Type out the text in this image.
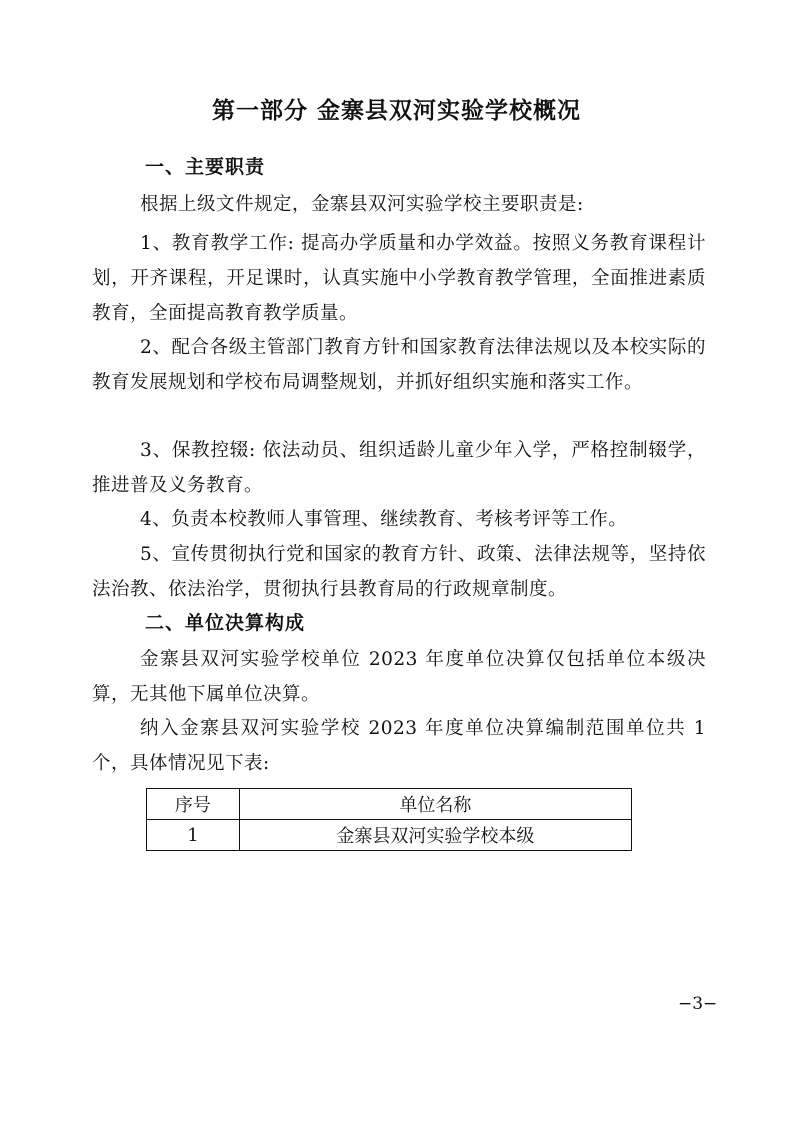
第一部分 金寨县双河实验学校概况
一、主要职责
根据上级文件规定，金寨县双河实验学校主要职责是:
1、教育教学工作: 提高办学质量和办学效益。按照义务教育课程计划，开齐课程，开足课时，认真实施中小学教育教学管理，全面推进素质教育，全面提高教育教学质量。
2、配合各级主管部门教育方针和国家教育法律法规以及本校实际的教育发展规划和学校布局调整规划，并抓好组织实施和落实工作。
3、保教控辍: 依法动员、组织适龄儿童少年入学，严格控制辍学，推进普及义务教育。
4、负责本校教师人事管理、继续教育、考核考评等工作。
5、宣传贯彻执行党和国家的教育方针、政策、法律法规等，坚持依法治教、依法治学，贯彻执行县教育局的行政规章制度。
二、单位决算构成
金寨县双河实验学校单位 2023 年度单位决算仅包括单位本级决算，无其他下属单位决算。
纳入金寨县双河实验学校 2023 年度单位决算编制范围单位共 1 个，具体情况见下表:
序号	单位名称
1	金寨县双河实验学校本级
−3−
